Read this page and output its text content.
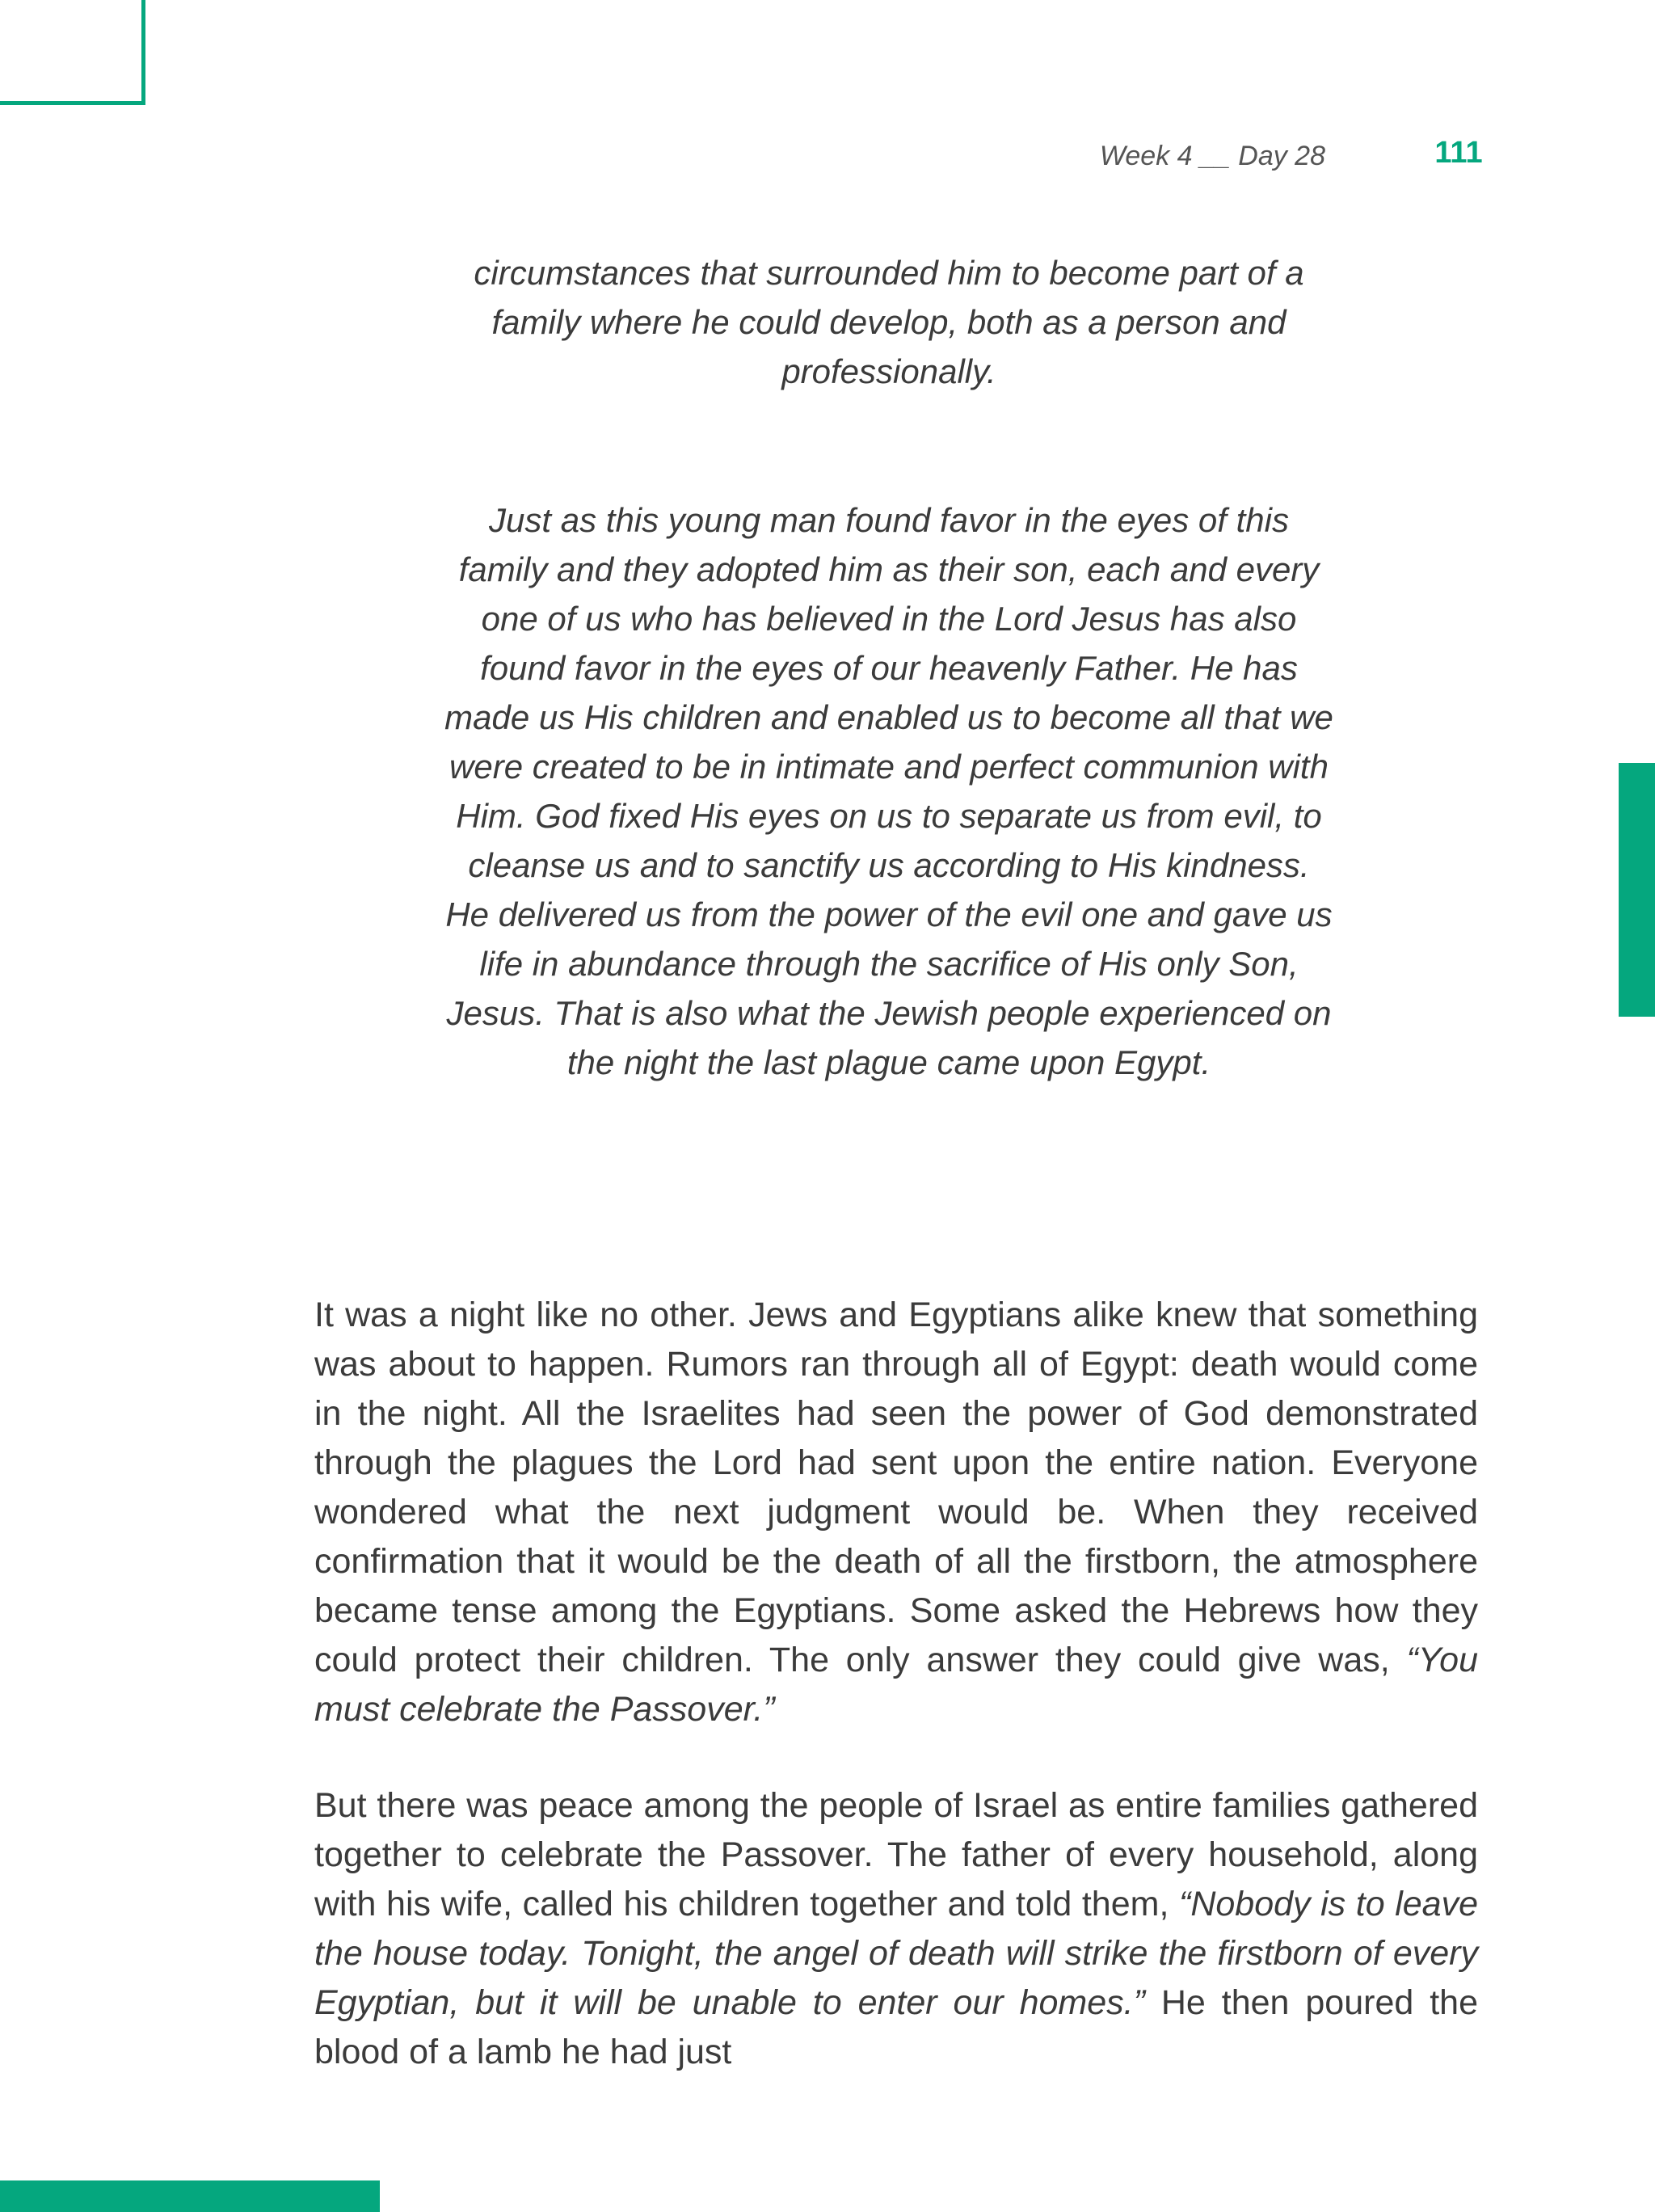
Week 4 __ Day 28	111

circumstances that surrounded him to become part of a family where he could develop, both as a person and professionally.

Just as this young man found favor in the eyes of this family and they adopted him as their son, each and every one of us who has believed in the Lord Jesus has also found favor in the eyes of our heavenly Father. He has made us His children and enabled us to become all that we were created to be in intimate and perfect communion with Him. God fixed His eyes on us to separate us from evil, to cleanse us and to sanctify us according to His kindness. He delivered us from the power of the evil one and gave us life in abundance through the sacrifice of His only Son, Jesus. That is also what the Jewish people experienced on the night the last plague came upon Egypt.

It was a night like no other. Jews and Egyptians alike knew that something was about to happen. Rumors ran through all of Egypt: death would come in the night. All the Israelites had seen the power of God demonstrated through the plagues the Lord had sent upon the entire nation. Everyone wondered what the next judgment would be. When they received confirmation that it would be the death of all the firstborn, the atmosphere became tense among the Egyptians. Some asked the Hebrews how they could protect their children. The only answer they could give was, “You must celebrate the Passover.”

But there was peace among the people of Israel as entire families gathered together to celebrate the Passover. The father of every household, along with his wife, called his children together and told them, “Nobody is to leave the house today. Tonight, the angel of death will strike the firstborn of every Egyptian, but it will be unable to enter our homes.” He then poured the blood of a lamb he had just
